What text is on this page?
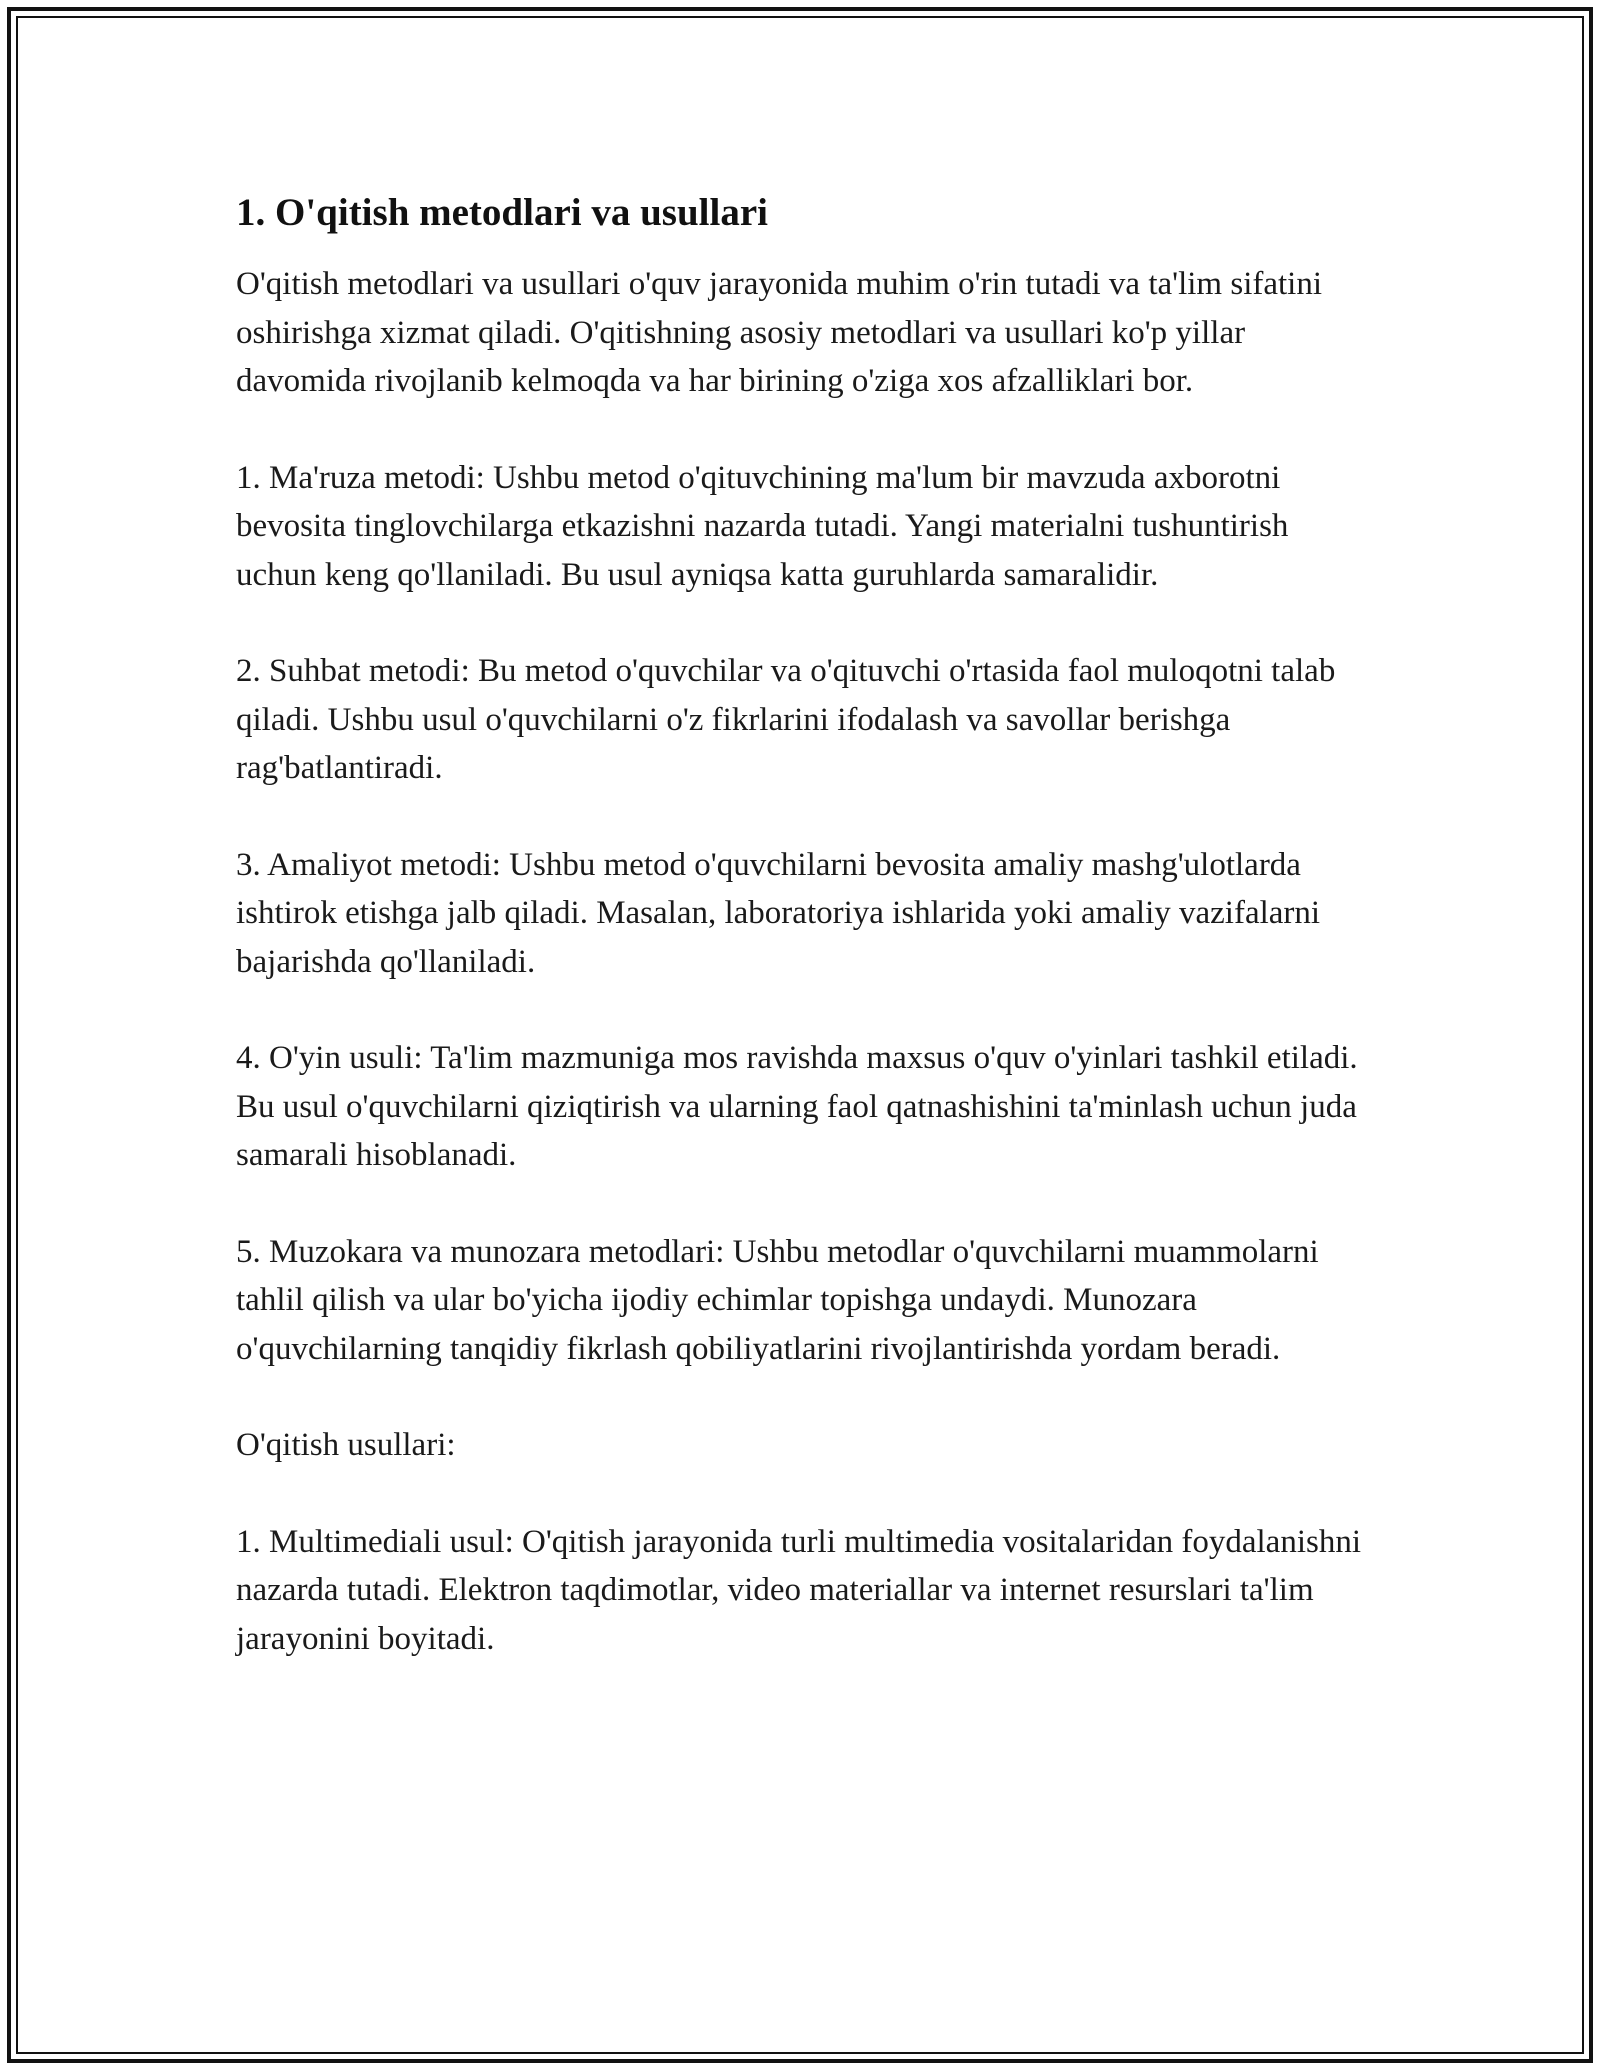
1. O'qitish metodlari va usullari

O'qitish metodlari va usullari o'quv jarayonida muhim o'rin tutadi va ta'lim sifatini oshirishga xizmat qiladi. O'qitishning asosiy metodlari va usullari ko'p yillar davomida rivojlanib kelmoqda va har birining o'ziga xos afzalliklari bor.

1. Ma'ruza metodi: Ushbu metod o'qituvchining ma'lum bir mavzuda axborotni bevosita tinglovchilarga etkazishni nazarda tutadi. Yangi materialni tushuntirish uchun keng qo'llaniladi. Bu usul ayniqsa katta guruhlarda samaralidir.

2. Suhbat metodi: Bu metod o'quvchilar va o'qituvchi o'rtasida faol muloqotni talab qiladi. Ushbu usul o'quvchilarni o'z fikrlarini ifodalash va savollar berishga rag'batlantiradi.

3. Amaliyot metodi: Ushbu metod o'quvchilarni bevosita amaliy mashg'ulotlarda ishtirok etishga jalb qiladi. Masalan, laboratoriya ishlarida yoki amaliy vazifalarni bajarishda qo'llaniladi.

4. O'yin usuli: Ta'lim mazmuniga mos ravishda maxsus o'quv o'yinlari tashkil etiladi. Bu usul o'quvchilarni qiziqtirish va ularning faol qatnashishini ta'minlash uchun juda samarali hisoblanadi.

5. Muzokara va munozara metodlari: Ushbu metodlar o'quvchilarni muammolarni tahlil qilish va ular bo'yicha ijodiy echimlar topishga undaydi. Munozara o'quvchilarning tanqidiy fikrlash qobiliyatlarini rivojlantirishda yordam beradi.

O'qitish usullari:

1. Multimediali usul: O'qitish jarayonida turli multimedia vositalaridan foydalanishni nazarda tutadi. Elektron taqdimotlar, video materiallar va internet resurslari ta'lim jarayonini boyitadi.
